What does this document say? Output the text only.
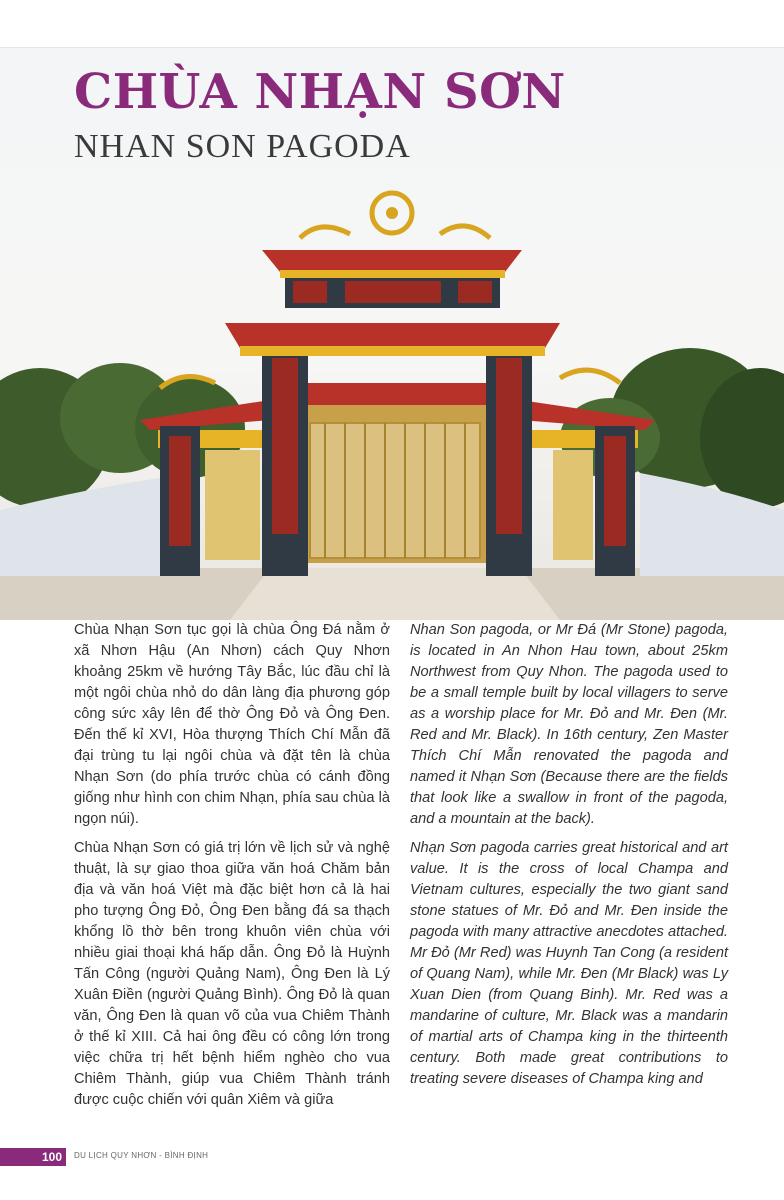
CHÙA NHẠN SƠN
NHAN SON PAGODA

Chùa Nhạn Sơn tục gọi là chùa Ông Đá nằm ở xã Nhơn Hậu (An Nhơn) cách Quy Nhơn khoảng 25km về hướng Tây Bắc, lúc đầu chỉ là một ngôi chùa nhỏ do dân làng địa phương góp công sức xây lên để thờ Ông Đỏ và Ông Đen. Đến thế kỉ XVI, Hòa thượng Thích Chí Mẫn đã đại trùng tu lại ngôi chùa và đặt tên là chùa Nhạn Sơn (do phía trước chùa có cánh đồng giống như hình con chim Nhạn, phía sau chùa là ngọn núi).

Chùa Nhạn Sơn có giá trị lớn về lịch sử và nghệ thuật, là sự giao thoa giữa văn hoá Chăm bản địa và văn hoá Việt mà đặc biệt hơn cả là hai pho tượng Ông Đỏ, Ông Đen bằng đá sa thạch khổng lồ thờ bên trong khuôn viên chùa với nhiều giai thoại khá hấp dẫn. Ông Đỏ là Huỳnh Tấn Công (người Quảng Nam), Ông Đen là Lý Xuân Điền (người Quảng Bình). Ông Đỏ là quan văn, Ông Đen là quan võ của vua Chiêm Thành ở thế kỉ XIII. Cả hai ông đều có công lớn trong việc chữa trị hết bệnh hiểm nghèo cho vua Chiêm Thành, giúp vua Chiêm Thành tránh được cuộc chiến với quân Xiêm và giữa

Nhan Son pagoda, or Mr Đá (Mr Stone) pagoda, is located in An Nhon Hau town, about 25km Northwest from Quy Nhon. The pagoda used to be a small temple built by local villagers to serve as a worship place for Mr. Đỏ and Mr. Đen (Mr. Red and Mr. Black). In 16th century, Zen Master Thích Chí Mẫn renovated the pagoda and named it Nhạn Sơn (Because there are the fields that look like a swallow in front of the pagoda, and a mountain at the back).

Nhạn Sơn pagoda carries great historical and art value. It is the cross of local Champa and Vietnam cultures, especially the two giant sand stone statues of Mr. Đỏ and Mr. Đen inside the pagoda with many attractive anecdotes attached. Mr Đỏ (Mr Red) was Huynh Tan Cong (a resident of Quang Nam), while Mr. Đen (Mr Black) was Ly Xuan Dien (from Quang Binh). Mr. Red was a mandarine of culture, Mr. Black was a mandarin of martial arts of Champa king in the thirteenth century. Both made great contributions to treating severe diseases of Champa king and

100	DU LỊCH QUY NHƠN - BÌNH ĐỊNH
